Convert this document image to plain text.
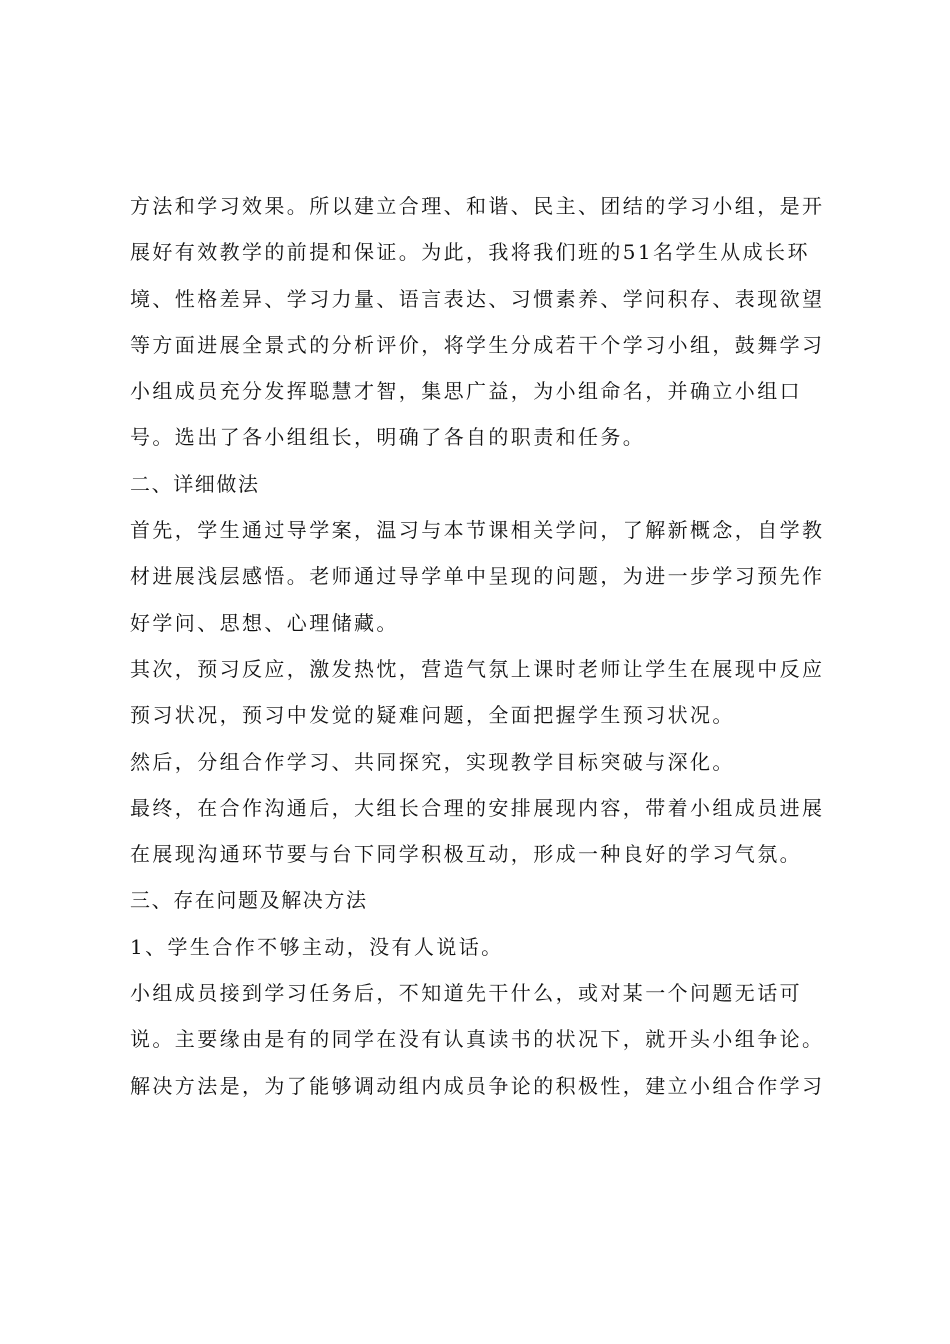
方法和学习效果。所以建立合理、和谐、民主、团结的学习小组，是开
展好有效教学的前提和保证。为此，我将我们班的51名学生从成长环
境、性格差异、学习力量、语言表达、习惯素养、学问积存、表现欲望
等方面进展全景式的分析评价，将学生分成若干个学习小组，鼓舞学习
小组成员充分发挥聪慧才智，集思广益，为小组命名，并确立小组口
号。选出了各小组组长，明确了各自的职责和任务。
二、详细做法
首先，学生通过导学案，温习与本节课相关学问，了解新概念，自学教
材进展浅层感悟。老师通过导学单中呈现的问题，为进一步学习预先作
好学问、思想、心理储藏。
其次，预习反应，激发热忱，营造气氛上课时老师让学生在展现中反应
预习状况，预习中发觉的疑难问题，全面把握学生预习状况。
然后，分组合作学习、共同探究，实现教学目标突破与深化。
最终，在合作沟通后，大组长合理的安排展现内容，带着小组成员进展
在展现沟通环节要与台下同学积极互动，形成一种良好的学习气氛。
三、存在问题及解决方法
1、学生合作不够主动，没有人说话。
小组成员接到学习任务后，不知道先干什么，或对某一个问题无话可
说。主要缘由是有的同学在没有认真读书的状况下，就开头小组争论。
解决方法是，为了能够调动组内成员争论的积极性，建立小组合作学习
